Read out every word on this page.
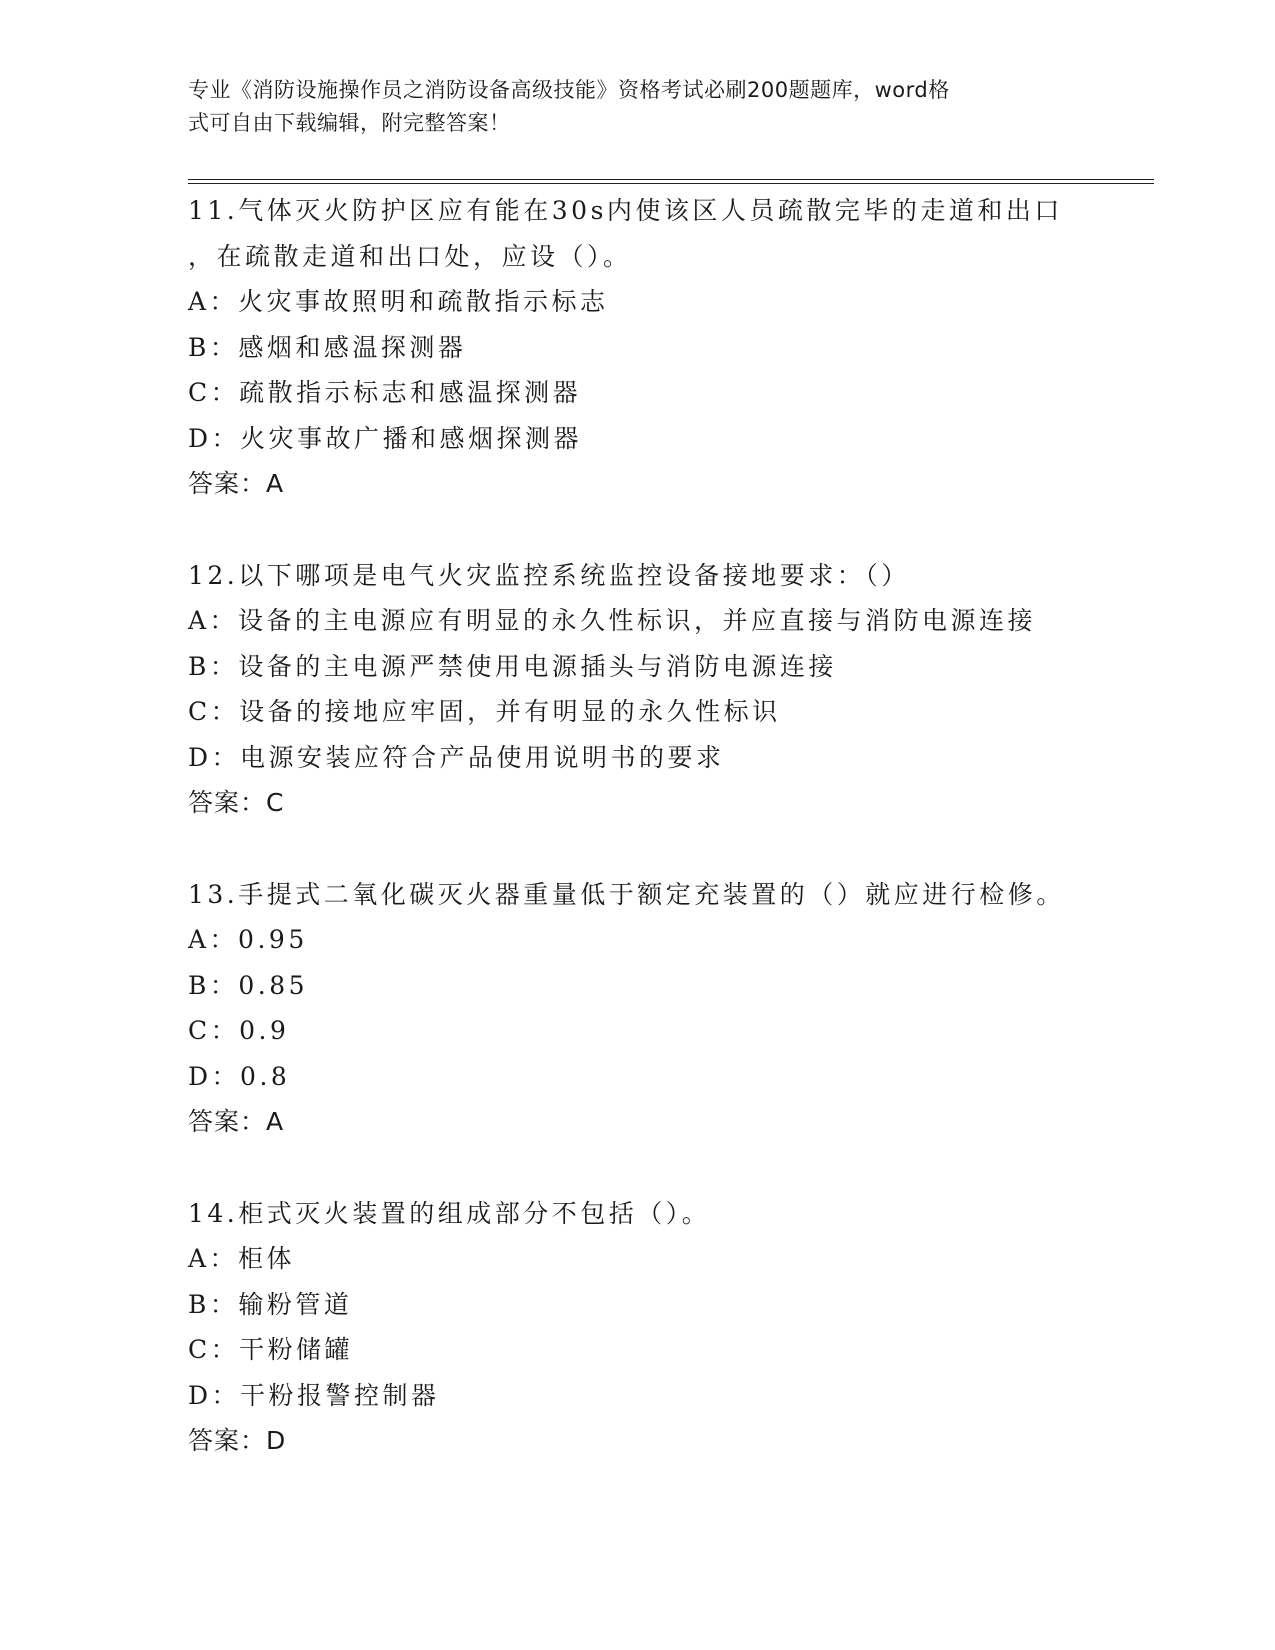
专业《消防设施操作员之消防设备高级技能》资格考试必刷200题题库，word格
式可自由下载编辑，附完整答案！
11.气体灭火防护区应有能在30s内使该区人员疏散完毕的走道和出口
，在疏散走道和出口处，应设（）。
A：火灾事故照明和疏散指示标志
B：感烟和感温探测器
C：疏散指示标志和感温探测器
D：火灾事故广播和感烟探测器
答案：A
12.以下哪项是电气火灾监控系统监控设备接地要求：（）
A：设备的主电源应有明显的永久性标识，并应直接与消防电源连接
B：设备的主电源严禁使用电源插头与消防电源连接
C：设备的接地应牢固，并有明显的永久性标识
D：电源安装应符合产品使用说明书的要求
答案：C
13.手提式二氧化碳灭火器重量低于额定充装置的（）就应进行检修。
A：0.95
B：0.85
C：0.9
D：0.8
答案：A
14.柜式灭火装置的组成部分不包括（）。
A：柜体
B：输粉管道
C：干粉储罐
D：干粉报警控制器
答案：D
